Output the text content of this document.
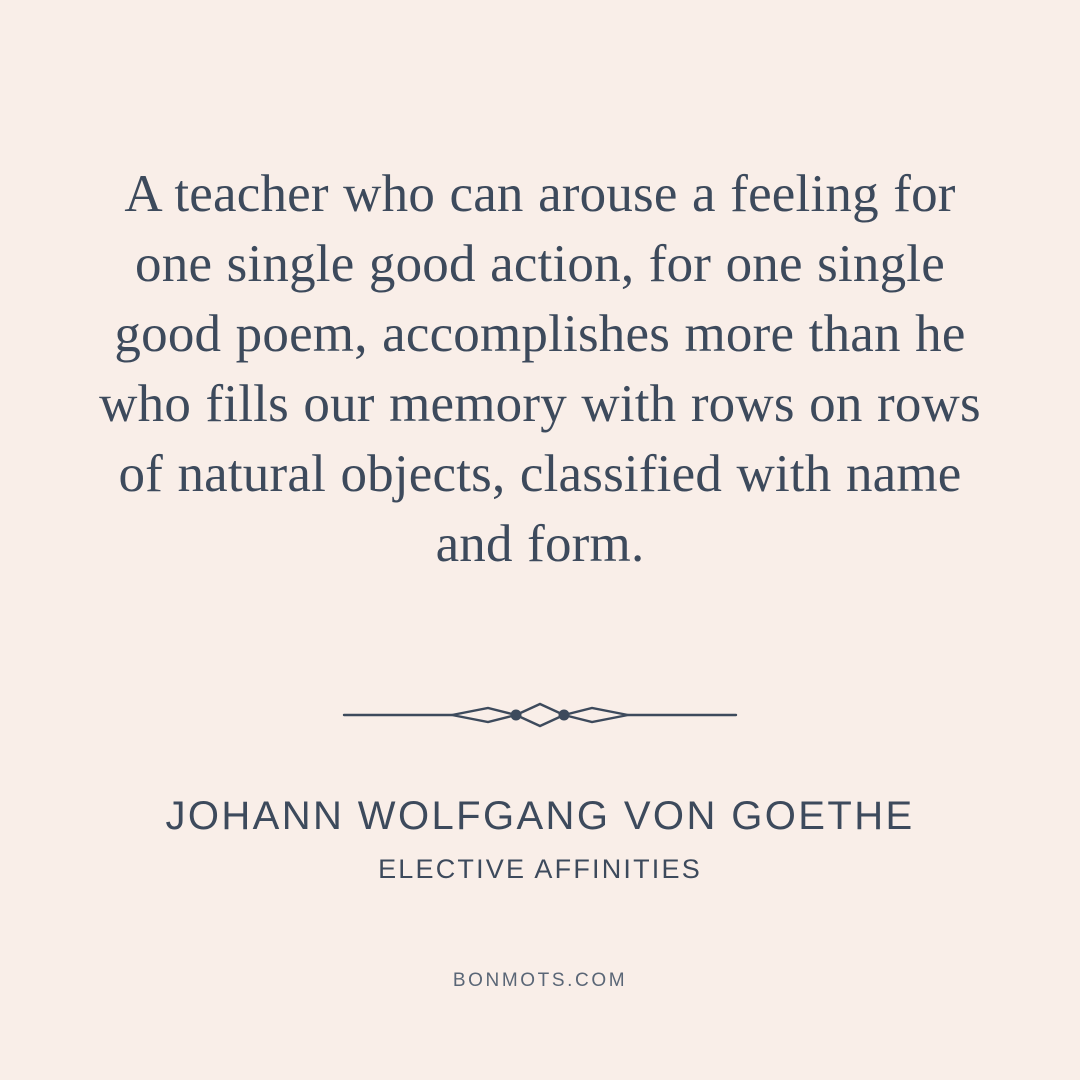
A teacher who can arouse a feeling for one single good action, for one single good poem, accomplishes more than he who fills our memory with rows on rows of natural objects, classified with name and form.
JOHANN WOLFGANG VON GOETHE
ELECTIVE AFFINITIES
BONMOTS.COM
